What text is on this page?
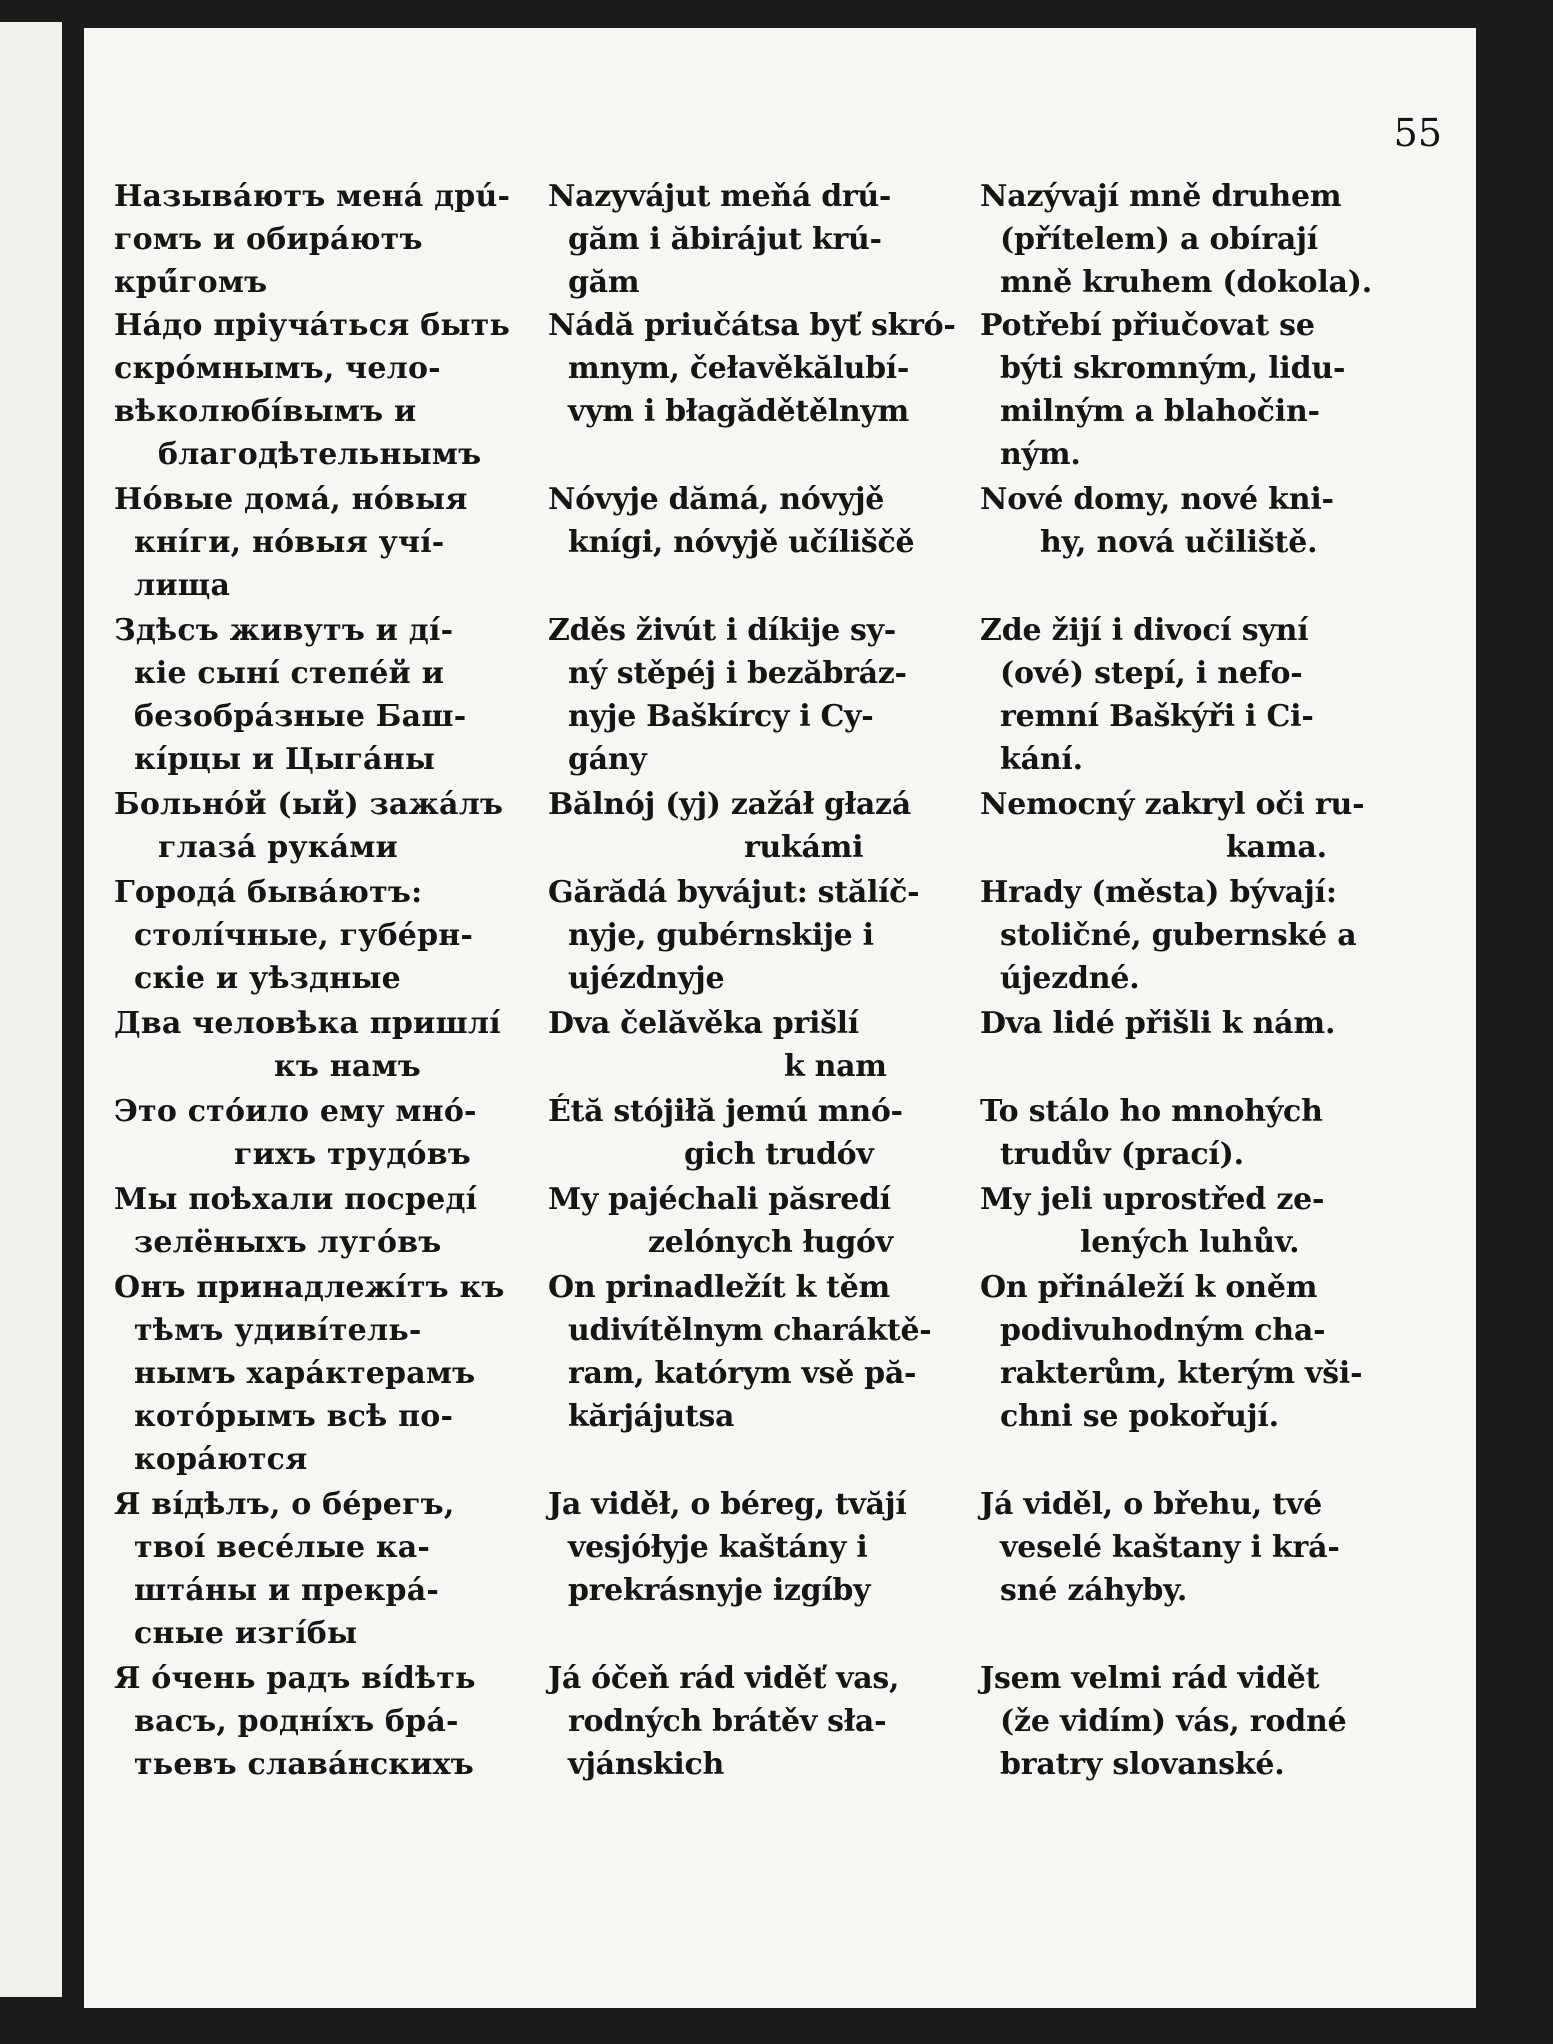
55
Назывáютъ менá дрú-
гомъ и обирáютъ
крú́гомъ
Нáдо пріучáться быть
скрóмнымъ, чело-
вѣколюбíвымъ и
благодѣтельнымъ
Нóвые домá, нóвыя
кнíги, нóвыя учí-
лища
Здѣсъ живутъ и дí-
кie сынí степéй и
безобрáзные Баш-
кíрцы и Цыгáны
Больнóй (ый) зажáлъ
глазá рукáми
Городá бывáютъ:
столíчные, губéрн-
скie и уѣздные
Два человѣка пришлí
къ намъ
Это стóило ему мнó-
гихъ трудóвъ
Мы поѣхали посредí
зелёныхъ лугóвъ
Онъ принадлежíтъ къ
тѣмъ удивíтель-
нымъ харáктерамъ
котóрымъ всѣ по-
корáются
Я вíдѣлъ, о бéрегъ,
твоí весéлые ка-
штáны и прекрá-
сные изгíбы
Я óчень радъ вídѣть
васъ, роднíхъ брá-
тьевъ славáнскихъ
Nazyvájut meňá drú-
găm i ăbirájut krú-
găm
Nádă priučátsa byť skró-
mnym, čełavěkălubí-
vym i błagădětělnym
Nóvyje dămá, nóvyjě
knígi, nóvyjě učíliščě
Zděs živút i díkije sy-
ný stěpéj i bezăbráz-
nyje Baškírcy i Cy-
gány
Bălnój (yj) zažáł głazá
rukámi
Gărădá byvájut: stălíč-
nyje, gubérnskije i
ujézdnyje
Dva čelăvěka prišlí
k nam
Étă stójiłă jemú mnó-
gich trudóv
My pajéchali păsredí
zelónych ługóv
On prinadležít k těm
udivítělnym charáktě-
ram, katórym vsě pă-
kărjájutsa
Ja viděł, o béreg, tvăjí
vesjółyje kaštány i
prekrásnyje izgíby
Já óčeň rád viděť vas,
rodných brátěv sła-
vjánskich
Nazývají mně druhem
(přítelem) a obírají
mně kruhem (dokola).
Potřebí přiučovat se
býti skromným, lidu-
milným a blahočin-
ným.
Nové domy, nové kni-
hy, nová učiliště.
Zde žijí i divocí syní
(ové) stepí, i nefo-
remní Baškýři i Ci-
kání.
Nemocný zakryl oči ru-
kama.
Hrady (města) bývají:
stoličné, gubernské a
újezdné.
Dva lidé přišli k nám.
To stálo ho mnohých
trudův (prací).
My jeli uprostřed ze-
lených luhův.
On přináleží k oněm
podivuhodným cha-
rakterům, kterým vši-
chni se pokořují.
Já viděl, o břehu, tvé
veselé kaštany i krá-
sné záhyby.
Jsem velmi rád vidět
(že vidím) vás, rodné
bratry slovanské.
